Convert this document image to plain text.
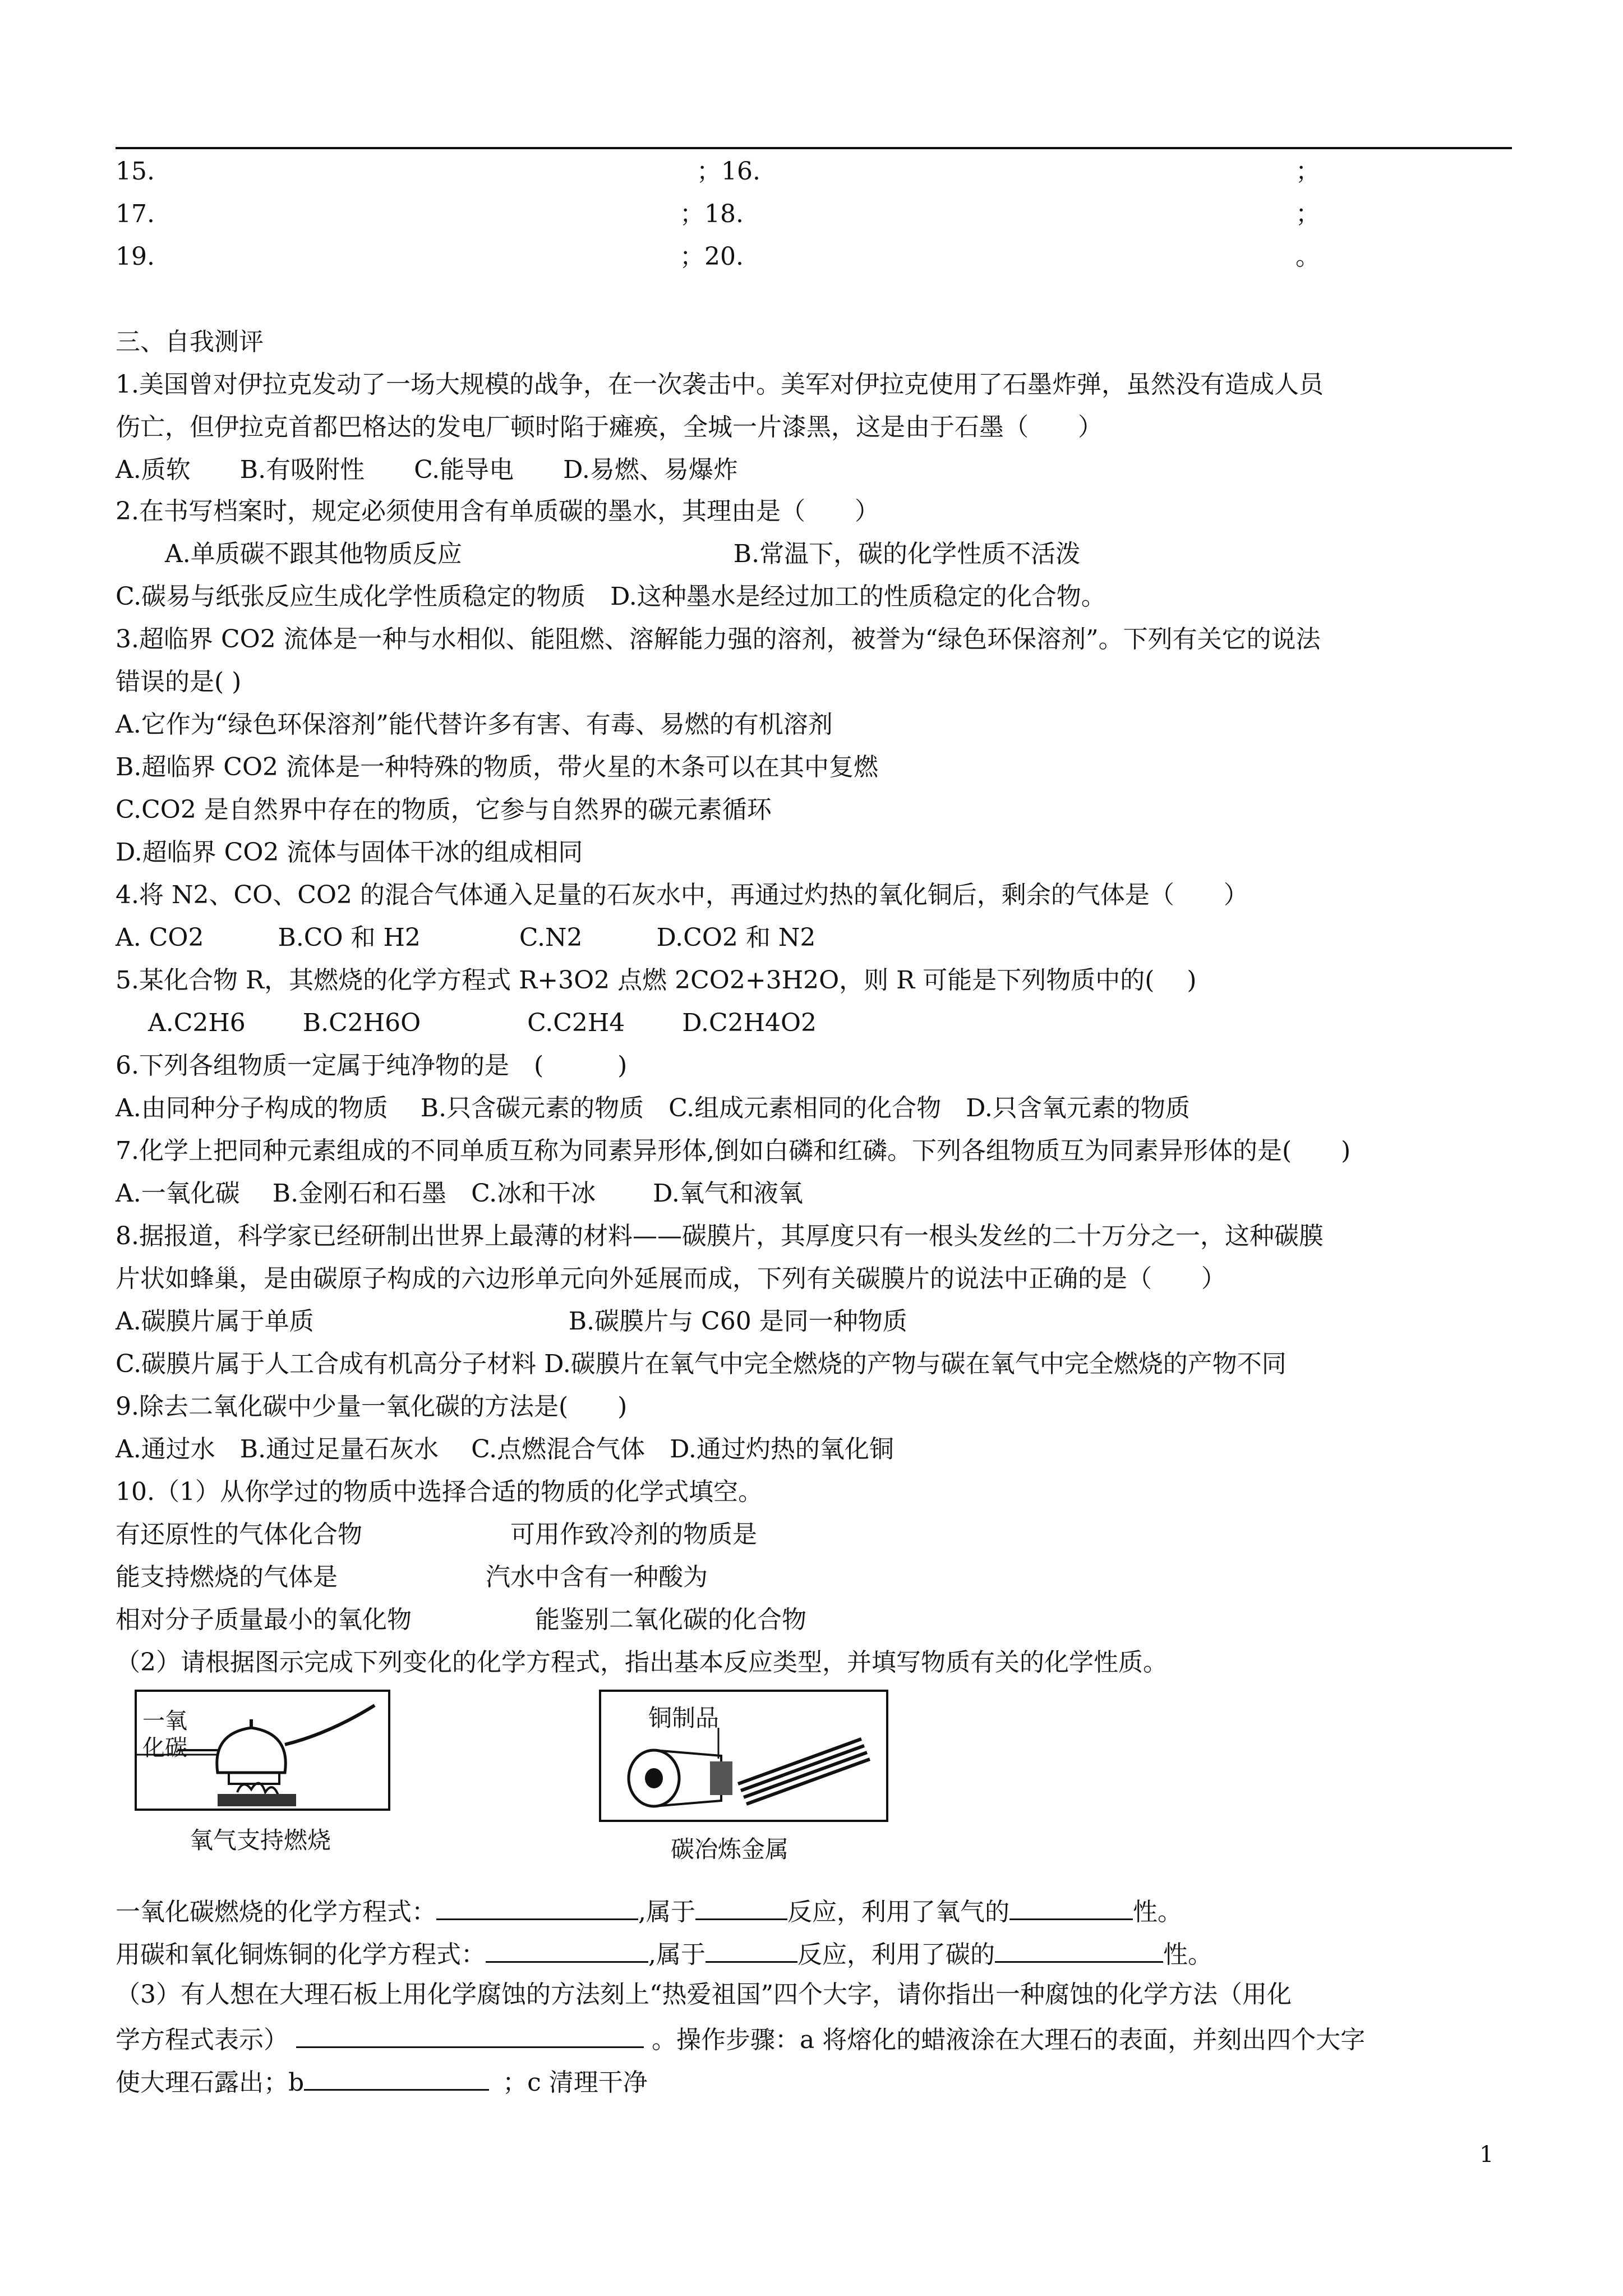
15.	；16.	；
17.	；18.	；
19.	；20.	。
三、自我测评
1.美国曾对伊拉克发动了一场大规模的战争，在一次袭击中。美军对伊拉克使用了石墨炸弹，虽然没有造成人员
伤亡，但伊拉克首都巴格达的发电厂顿时陷于瘫痪，全城一片漆黑，这是由于石墨（　　）
A.质软　　B.有吸附性　　C.能导电　　D.易燃、易爆炸
2.在书写档案时，规定必须使用含有单质碳的墨水，其理由是（　　）
　　A.单质碳不跟其他物质反应　　　　　　　　　　　B.常温下，碳的化学性质不活泼
C.碳易与纸张反应生成化学性质稳定的物质　D.这种墨水是经过加工的性质稳定的化合物。
3.超临界 CO2 流体是一种与水相似、能阻燃、溶解能力强的溶剂，被誉为“绿色环保溶剂”。下列有关它的说法
错误的是( )
A.它作为“绿色环保溶剂”能代替许多有害、有毒、易燃的有机溶剂
B.超临界 CO2 流体是一种特殊的物质，带火星的木条可以在其中复燃
C.CO2 是自然界中存在的物质，它参与自然界的碳元素循环
D.超临界 CO2 流体与固体干冰的组成相同
4.将 N2、CO、CO2 的混合气体通入足量的石灰水中，再通过灼热的氧化铜后，剩余的气体是（　　）
A. CO2　　　B.CO 和 H2　　　　C.N2　　　D.CO2 和 N2
5.某化合物 R，其燃烧的化学方程式 R+3O2 点燃 2CO2+3H2O，则 R 可能是下列物质中的(　 )
　 A.C2H6　　 B.C2H6O　　　　 C.C2H4　　 D.C2H4O2
6.下列各组物质一定属于纯净物的是　(　　　)
A.由同种分子构成的物质　 B.只含碳元素的物质　C.组成元素相同的化合物　D.只含氧元素的物质
7.化学上把同种元素组成的不同单质互称为同素异形体,倒如白磷和红磷。下列各组物质互为同素异形体的是(　　)
A.一氧化碳　 B.金刚石和石墨　C.冰和干冰　　 D.氧气和液氧
8.据报道，科学家已经研制出世界上最薄的材料——碳膜片，其厚度只有一根头发丝的二十万分之一，这种碳膜
片状如蜂巢，是由碳原子构成的六边形单元向外延展而成，下列有关碳膜片的说法中正确的是（　　）
A.碳膜片属于单质　　　　　　　　　　 B.碳膜片与 C60 是同一种物质
C.碳膜片属于人工合成有机高分子材料 D.碳膜片在氧气中完全燃烧的产物与碳在氧气中完全燃烧的产物不同
9.除去二氧化碳中少量一氧化碳的方法是(　　)
A.通过水　B.通过足量石灰水　 C.点燃混合气体　D.通过灼热的氧化铜
10.（1）从你学过的物质中选择合适的物质的化学式填空。
有还原性的气体化合物　　　　　　可用作致冷剂的物质是
能支持燃烧的气体是　　　　　　汽水中含有一种酸为
相对分子质量最小的氧化物　　　　　能鉴别二氧化碳的化合物
（2）请根据图示完成下列变化的化学方程式，指出基本反应类型，并填写物质有关的化学性质。
一氧
化碳
氧气支持燃烧
铜制品
碳冶炼金属
一氧化碳燃烧的化学方程式：	,属于	反应，利用了氧气的	性。
用碳和氧化铜炼铜的化学方程式：	,属于	反应，利用了碳的	性。
（3）有人想在大理石板上用化学腐蚀的方法刻上“热爱祖国”四个大字，请你指出一种腐蚀的化学方法（用化
学方程式表示）	。操作步骤：a 将熔化的蜡液涂在大理石的表面，并刻出四个大字
使大理石露出；b	；c 清理干净
1
